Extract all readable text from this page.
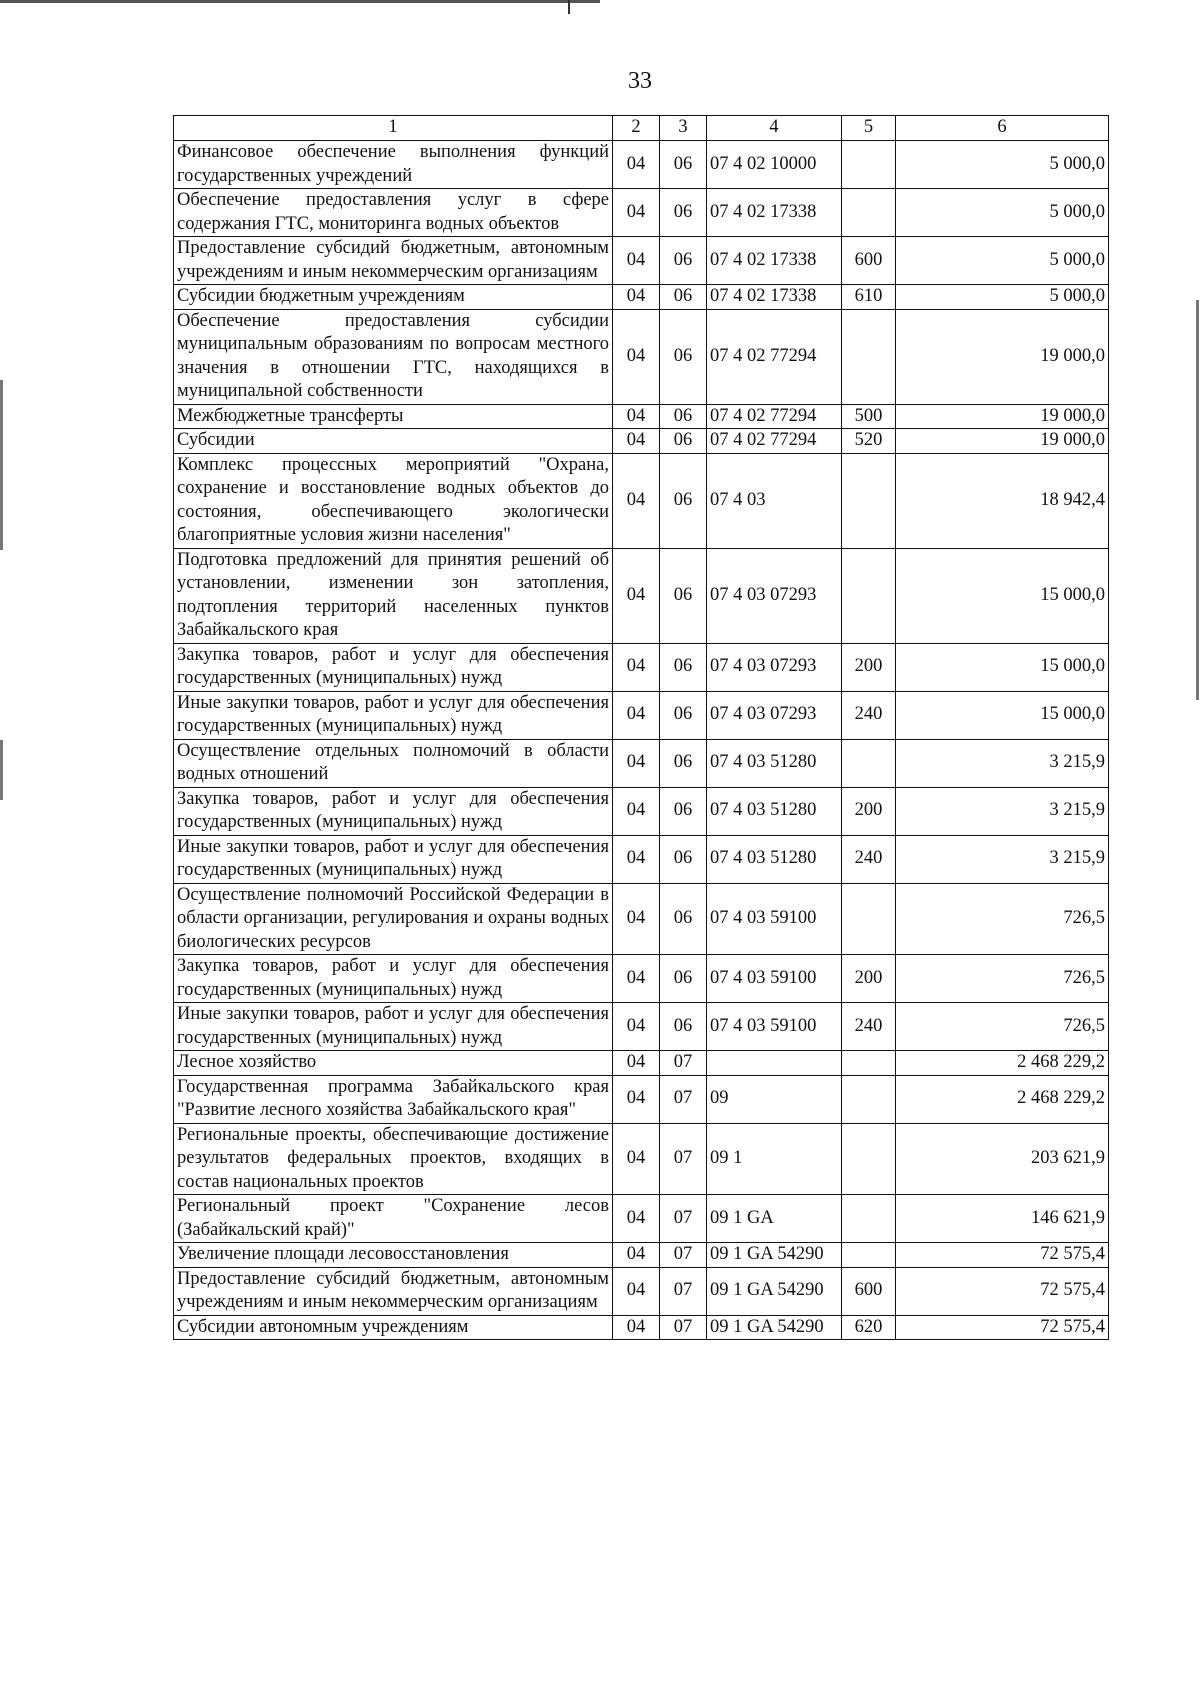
33
1	2	3	4	5	6
Финансовое обеспечение выполнения функций государственных учреждений	04	06	07 4 02 10000		5 000,0
Обеспечение предоставления услуг в сфере содержания ГТС, мониторинга водных объектов	04	06	07 4 02 17338		5 000,0
Предоставление субсидий бюджетным, автономным учреждениям и иным некоммерческим организациям	04	06	07 4 02 17338	600	5 000,0
Субсидии бюджетным учреждениям	04	06	07 4 02 17338	610	5 000,0
Обеспечение предоставления субсидии муниципальным образованиям по вопросам местного значения в отношении ГТС, находящихся в муниципальной собственности	04	06	07 4 02 77294		19 000,0
Межбюджетные трансферты	04	06	07 4 02 77294	500	19 000,0
Субсидии	04	06	07 4 02 77294	520	19 000,0
Комплекс процессных мероприятий "Охрана, сохранение и восстановление водных объектов до состояния, обеспечивающего экологически благоприятные условия жизни населения"	04	06	07 4 03		18 942,4
Подготовка предложений для принятия решений об установлении, изменении зон затопления, подтопления территорий населенных пунктов Забайкальского края	04	06	07 4 03 07293		15 000,0
Закупка товаров, работ и услуг для обеспечения государственных (муниципальных) нужд	04	06	07 4 03 07293	200	15 000,0
Иные закупки товаров, работ и услуг для обеспечения государственных (муниципальных) нужд	04	06	07 4 03 07293	240	15 000,0
Осуществление отдельных полномочий в области водных отношений	04	06	07 4 03 51280		3 215,9
Закупка товаров, работ и услуг для обеспечения государственных (муниципальных) нужд	04	06	07 4 03 51280	200	3 215,9
Иные закупки товаров, работ и услуг для обеспечения государственных (муниципальных) нужд	04	06	07 4 03 51280	240	3 215,9
Осуществление полномочий Российской Федерации в области организации, регулирования и охраны водных биологических ресурсов	04	06	07 4 03 59100		726,5
Закупка товаров, работ и услуг для обеспечения государственных (муниципальных) нужд	04	06	07 4 03 59100	200	726,5
Иные закупки товаров, работ и услуг для обеспечения государственных (муниципальных) нужд	04	06	07 4 03 59100	240	726,5
Лесное хозяйство	04	07			2 468 229,2
Государственная программа Забайкальского края "Развитие лесного хозяйства Забайкальского края"	04	07	09		2 468 229,2
Региональные проекты, обеспечивающие достижение результатов федеральных проектов, входящих в состав национальных проектов	04	07	09 1		203 621,9
Региональный проект "Сохранение лесов (Забайкальский край)"	04	07	09 1 GA		146 621,9
Увеличение площади лесовосстановления	04	07	09 1 GA 54290		72 575,4
Предоставление субсидий бюджетным, автономным учреждениям и иным некоммерческим организациям	04	07	09 1 GA 54290	600	72 575,4
Субсидии автономным учреждениям	04	07	09 1 GA 54290	620	72 575,4
